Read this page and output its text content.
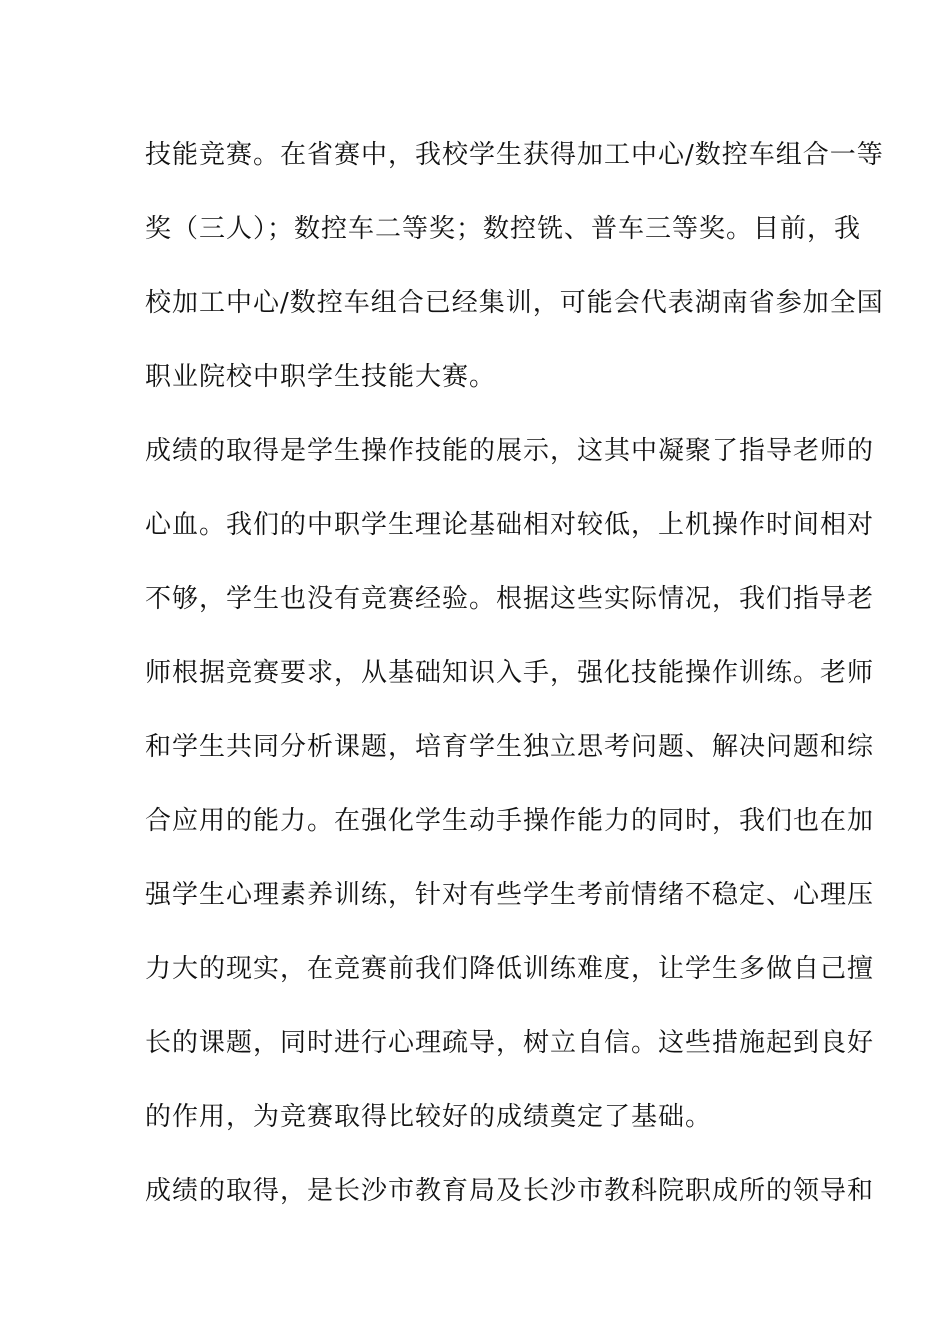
技能竞赛。在省赛中，我校学生获得加工中心/数控车组合一等
奖（三人）；数控车二等奖；数控铣、普车三等奖。目前，我
校加工中心/数控车组合已经集训，可能会代表湖南省参加全国
职业院校中职学生技能大赛。
成绩的取得是学生操作技能的展示，这其中凝聚了指导老师的
心血。我们的中职学生理论基础相对较低，上机操作时间相对
不够，学生也没有竞赛经验。根据这些实际情况，我们指导老
师根据竞赛要求，从基础知识入手，强化技能操作训练。老师
和学生共同分析课题，培育学生独立思考问题、解决问题和综
合应用的能力。在强化学生动手操作能力的同时，我们也在加
强学生心理素养训练，针对有些学生考前情绪不稳定、心理压
力大的现实，在竞赛前我们降低训练难度，让学生多做自己擅
长的课题，同时进行心理疏导，树立自信。这些措施起到良好
的作用，为竞赛取得比较好的成绩奠定了基础。
成绩的取得，是长沙市教育局及长沙市教科院职成所的领导和
